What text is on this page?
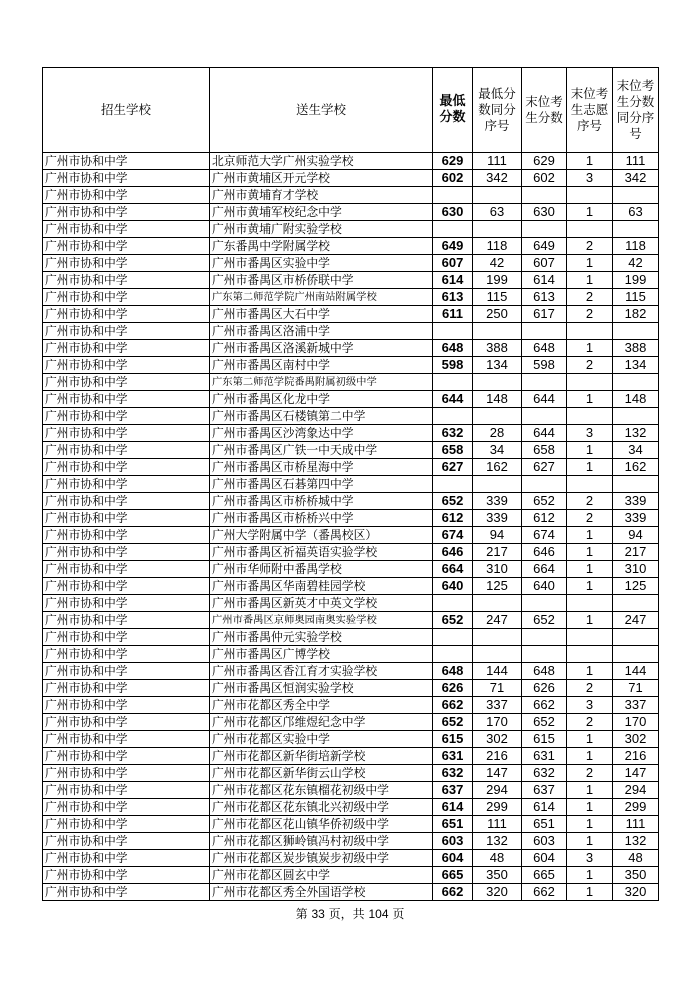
招生学校	送生学校	最低分数	最低分数同分序号	末位考生分数	末位考生志愿序号	末位考生分数同分序号
广州市协和中学	北京师范大学广州实验学校	629	111	629	1	111
广州市协和中学	广州市黄埔区开元学校	602	342	602	3	342
广州市协和中学	广州市黄埔育才学校					
广州市协和中学	广州市黄埔军校纪念中学	630	63	630	1	63
广州市协和中学	广州市黄埔广附实验学校					
广州市协和中学	广东番禺中学附属学校	649	118	649	2	118
广州市协和中学	广州市番禺区实验中学	607	42	607	1	42
广州市协和中学	广州市番禺区市桥侨联中学	614	199	614	1	199
广州市协和中学	广东第二师范学院广州南站附属学校	613	115	613	2	115
广州市协和中学	广州市番禺区大石中学	611	250	617	2	182
广州市协和中学	广州市番禺区洛浦中学					
广州市协和中学	广州市番禺区洛溪新城中学	648	388	648	1	388
广州市协和中学	广州市番禺区南村中学	598	134	598	2	134
广州市协和中学	广东第二师范学院番禺附属初级中学					
广州市协和中学	广州市番禺区化龙中学	644	148	644	1	148
广州市协和中学	广州市番禺区石楼镇第二中学					
广州市协和中学	广州市番禺区沙湾象达中学	632	28	644	3	132
广州市协和中学	广州市番禺区广铁一中天成中学	658	34	658	1	34
广州市协和中学	广州市番禺区市桥星海中学	627	162	627	1	162
广州市协和中学	广州市番禺区石碁第四中学					
广州市协和中学	广州市番禺区市桥桥城中学	652	339	652	2	339
广州市协和中学	广州市番禺区市桥桥兴中学	612	339	612	2	339
广州市协和中学	广州大学附属中学（番禺校区）	674	94	674	1	94
广州市协和中学	广州市番禺区祈福英语实验学校	646	217	646	1	217
广州市协和中学	广州市华师附中番禺学校	664	310	664	1	310
广州市协和中学	广州市番禺区华南碧桂园学校	640	125	640	1	125
广州市协和中学	广州市番禺区新英才中英文学校					
广州市协和中学	广州市番禺区京师奥园南奥实验学校	652	247	652	1	247
广州市协和中学	广州市番禺仲元实验学校					
广州市协和中学	广州市番禺区广博学校					
广州市协和中学	广州市番禺区香江育才实验学校	648	144	648	1	144
广州市协和中学	广州市番禺区恒润实验学校	626	71	626	2	71
广州市协和中学	广州市花都区秀全中学	662	337	662	3	337
广州市协和中学	广州市花都区邝维煜纪念中学	652	170	652	2	170
广州市协和中学	广州市花都区实验中学	615	302	615	1	302
广州市协和中学	广州市花都区新华街培新学校	631	216	631	1	216
广州市协和中学	广州市花都区新华街云山学校	632	147	632	2	147
广州市协和中学	广州市花都区花东镇榴花初级中学	637	294	637	1	294
广州市协和中学	广州市花都区花东镇北兴初级中学	614	299	614	1	299
广州市协和中学	广州市花都区花山镇华侨初级中学	651	111	651	1	111
广州市协和中学	广州市花都区狮岭镇冯村初级中学	603	132	603	1	132
广州市协和中学	广州市花都区炭步镇炭步初级中学	604	48	604	3	48
广州市协和中学	广州市花都区圆玄中学	665	350	665	1	350
广州市协和中学	广州市花都区秀全外国语学校	662	320	662	1	320
第 33 页，共 104 页
